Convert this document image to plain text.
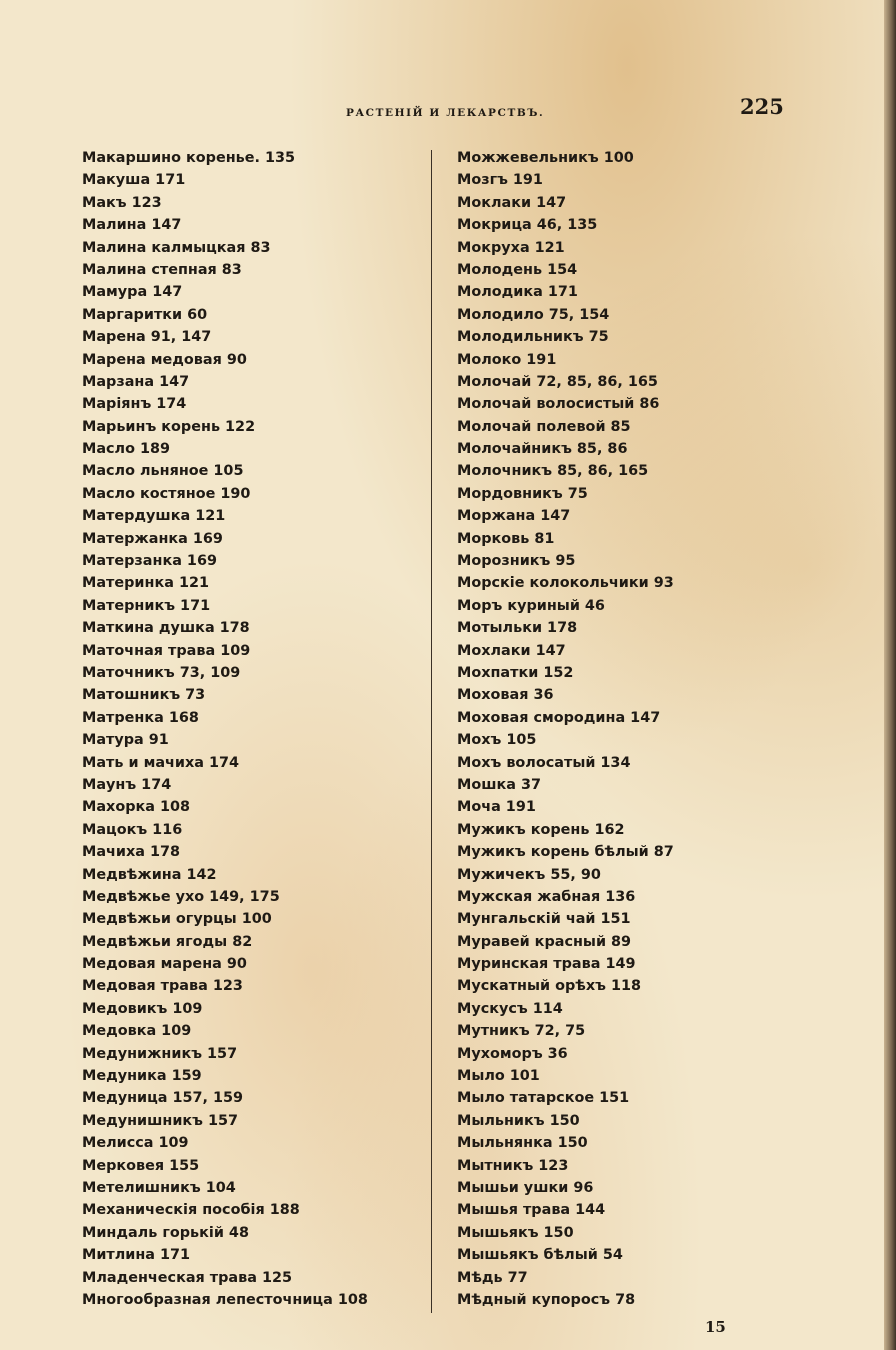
РАСТЕНІЙ И ЛЕКАРСТВЪ.	225
Макаршино коренье. 135
Макуша 171
Макъ 123
Малина 147
Малина калмыцкая 83
Малина степная 83
Мамура 147
Маргаритки 60
Марена 91, 147
Марена медовая 90
Марзана 147
Маріянъ 174
Марьинъ корень 122
Масло 189
Масло льняное 105
Масло костяное 190
Матердушка 121
Матержанка 169
Матерзанка 169
Материнка 121
Матерникъ 171
Маткина душка 178
Маточная трава 109
Маточникъ 73, 109
Матошникъ 73
Матренка 168
Матура 91
Мать и мачиха 174
Маунъ 174
Махорка 108
Мацокъ 116
Мачиха 178
Медвѣжина 142
Медвѣжье ухо 149, 175
Медвѣжьи огурцы 100
Медвѣжьи ягоды 82
Медовая марена 90
Медовая трава 123
Медовикъ 109
Медовка 109
Медунижникъ 157
Медуника 159
Медуница 157, 159
Медунишникъ 157
Мелисса 109
Мерковея 155
Метелишникъ 104
Механическія пособія 188
Миндаль горькій 48
Митлина 171
Младенческая трава 125
Многообразная лепесточница 108
Можжевельникъ 100
Мозгъ 191
Моклаки 147
Мокрица 46, 135
Мокруха 121
Молодень 154
Молодика 171
Молодило 75, 154
Молодильникъ 75
Молоко 191
Молочай 72, 85, 86, 165
Молочай волосистый 86
Молочай полевой 85
Молочайникъ 85, 86
Молочникъ 85, 86, 165
Мордовникъ 75
Моржана 147
Морковь 81
Морозникъ 95
Морскіе колокольчики 93
Моръ куриный 46
Мотыльки 178
Мохлаки 147
Мохпатки 152
Моховая 36
Моховая смородина 147
Мохъ 105
Мохъ волосатый 134
Мошка 37
Моча 191
Мужикъ корень 162
Мужикъ корень бѣлый 87
Мужичекъ 55, 90
Мужская жабная 136
Мунгальскій чай 151
Муравей красный 89
Муринская трава 149
Мускатный орѣхъ 118
Мускусъ 114
Мутникъ 72, 75
Мухоморъ 36
Мыло 101
Мыло татарское 151
Мыльникъ 150
Мыльнянка 150
Мытникъ 123
Мышьи ушки 96
Мышья трава 144
Мышьякъ 150
Мышьякъ бѣлый 54
Мѣдь 77
Мѣдный купоросъ 78
15
